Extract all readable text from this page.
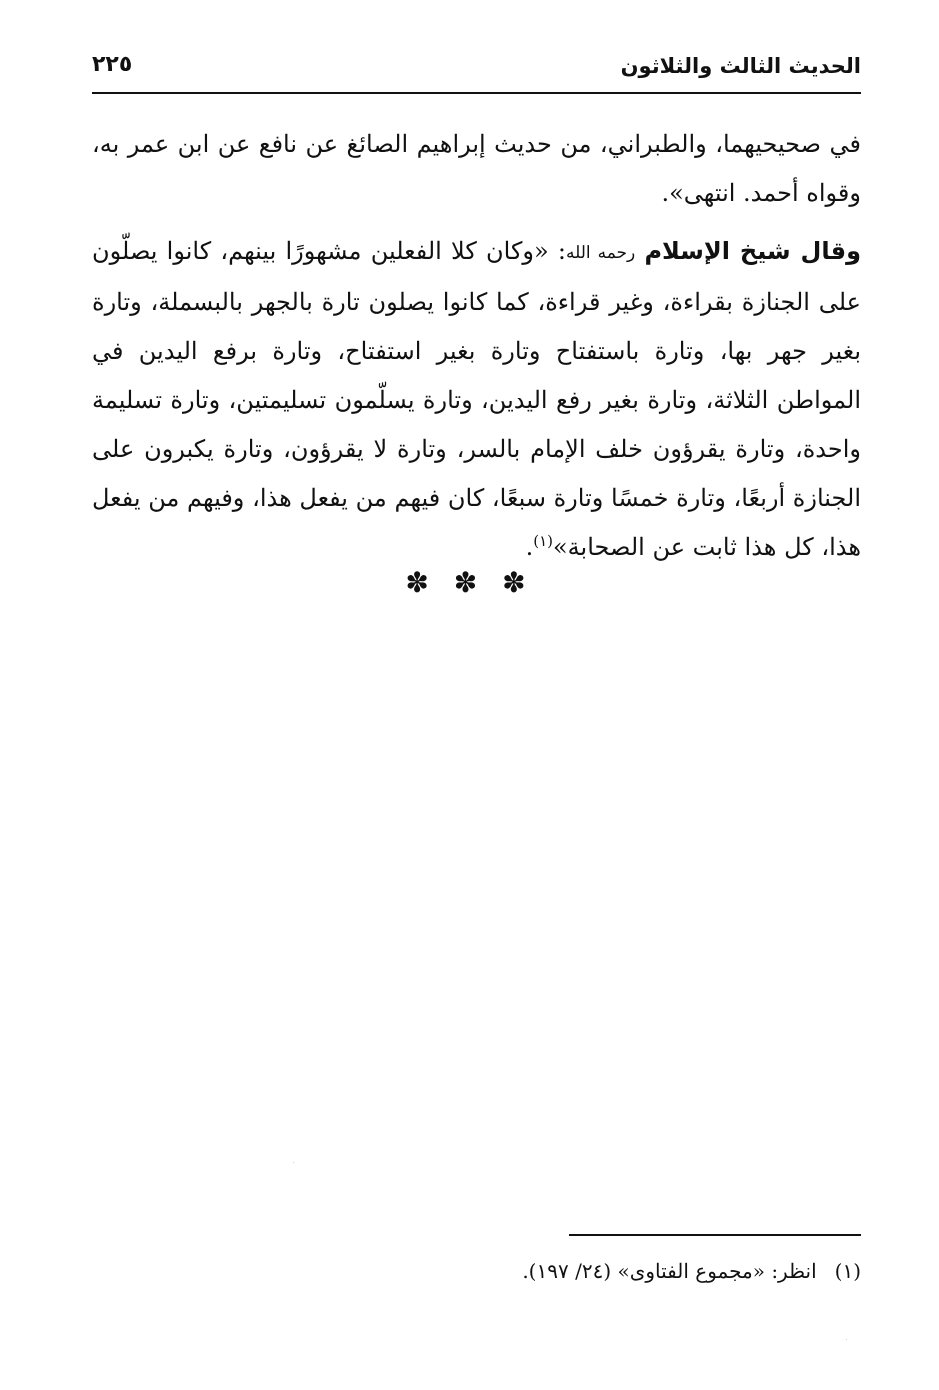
الحديث الثالث والثلاثون
٢٢٥

في صحيحيهما، والطبراني، من حديث إبراهيم الصائغ عن نافع عن ابن عمر به، وقواه أحمد. انتهى».

وقال شيخ الإسلام رحمه الله: «وكان كلا الفعلين مشهورًا بينهم، كانوا يصلّون على الجنازة بقراءة، وغير قراءة، كما كانوا يصلون تارة بالجهر بالبسملة، وتارة بغير جهر بها، وتارة باستفتاح وتارة بغير استفتاح، وتارة برفع اليدين في المواطن الثلاثة، وتارة بغير رفع اليدين، وتارة يسلّمون تسليمتين، وتارة تسليمة واحدة، وتارة يقرؤون خلف الإمام بالسر، وتارة لا يقرؤون، وتارة يكبرون على الجنازة أربعًا، وتارة خمسًا وتارة سبعًا، كان فيهم من يفعل هذا، وفيهم من يفعل هذا، كل هذا ثابت عن الصحابة»$^{(١)}$.

✽ ✽ ✽
(١)انظر: «مجموع الفتاوى» (٢٤/ ١٩٧).
